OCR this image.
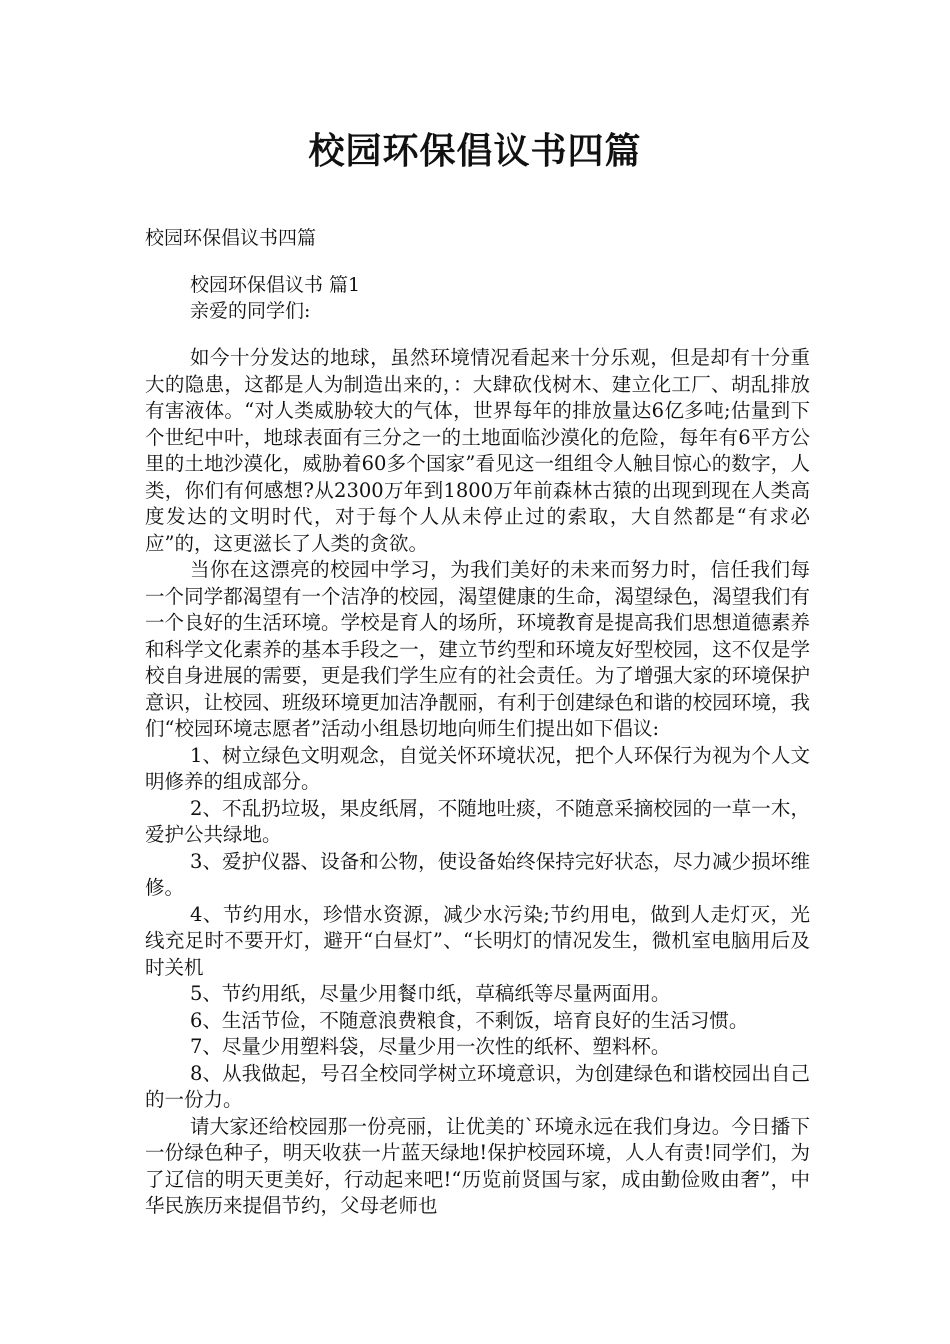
校园环保倡议书四篇
校园环保倡议书四篇
校园环保倡议书 篇1
亲爱的同学们:

如今十分发达的地球，虽然环境情况看起来十分乐观，但是却有十分重大的隐患，这都是人为制造出来的，：大肆砍伐树木、建立化工厂、胡乱排放有害液体。“对人类威胁较大的气体，世界每年的排放量达6亿多吨;估量到下个世纪中叶，地球表面有三分之一的土地面临沙漠化的危险，每年有6平方公里的土地沙漠化，威胁着60多个国家”看见这一组组令人触目惊心的数字，人类，你们有何感想?从2300万年到1800万年前森林古猿的出现到现在人类高度发达的文明时代，对于每个人从未停止过的索取，大自然都是“有求必应”的，这更滋长了人类的贪欲。

当你在这漂亮的校园中学习，为我们美好的未来而努力时，信任我们每一个同学都渴望有一个洁净的校园，渴望健康的生命，渴望绿色，渴望我们有一个良好的生活环境。学校是育人的场所，环境教育是提高我们思想道德素养和科学文化素养的基本手段之一，建立节约型和环境友好型校园，这不仅是学校自身进展的需要，更是我们学生应有的社会责任。为了增强大家的环境保护意识，让校园、班级环境更加洁净靓丽，有利于创建绿色和谐的校园环境，我们“校园环境志愿者”活动小组恳切地向师生们提出如下倡议:

1、树立绿色文明观念，自觉关怀环境状况，把个人环保行为视为个人文明修养的组成部分。

2、不乱扔垃圾，果皮纸屑，不随地吐痰，不随意采摘校园的一草一木，爱护公共绿地。

3、爱护仪器、设备和公物，使设备始终保持完好状态，尽力减少损坏维修。

4、节约用水，珍惜水资源，减少水污染;节约用电，做到人走灯灭，光线充足时不要开灯，避开“白昼灯”、“长明灯的情况发生，微机室电脑用后及时关机

5、节约用纸，尽量少用餐巾纸，草稿纸等尽量两面用。

6、生活节俭，不随意浪费粮食，不剩饭，培育良好的生活习惯。

7、尽量少用塑料袋，尽量少用一次性的纸杯、塑料杯。

8、从我做起，号召全校同学树立环境意识，为创建绿色和谐校园出自己的一份力。

请大家还给校园那一份亮丽，让优美的`环境永远在我们身边。今日播下一份绿色种子，明天收获一片蓝天绿地!保护校园环境，人人有责!同学们，为了辽信的明天更美好，行动起来吧!“历览前贤国与家，成由勤俭败由奢”，中华民族历来提倡节约，父母老师也
